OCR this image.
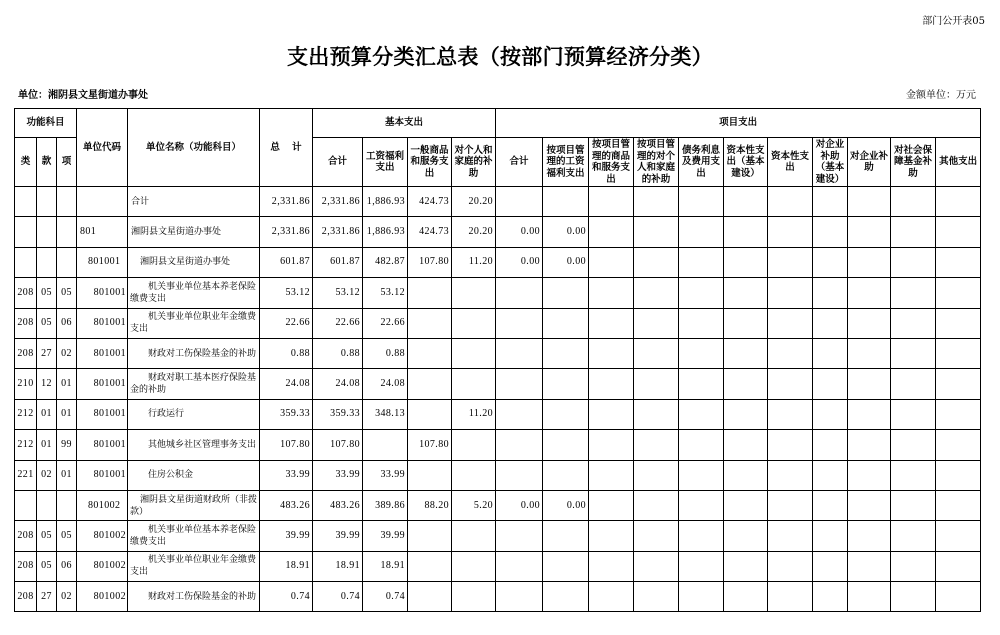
部门公开表05
支出预算分类汇总表（按部门预算经济分类）
单位：湘阴县文星街道办事处	金额单位：万元
功能科目			单位代码	单位名称（功能科目）	总 计	基本支出				项目支出										
类	款	项				合计	工资福利支出	一般商品和服务支出	对个人和家庭的补助	合计	按项目管理的工资福利支出	按项目管理的商品和服务支出	按项目管理的对个人和家庭的补助	债务利息及费用支出	资本性支出（基本建设）	资本性支出	对企业补助（基本建设）	对企业补助	对社会保障基金补助	其他支出
				合计	2,331.86	2,331.86	1,886.93	424.73	20.20											
			801	湘阴县文星街道办事处	2,331.86	2,331.86	1,886.93	424.73	20.20	0.00	0.00									
			801001	湘阴县文星街道办事处	601.87	601.87	482.87	107.80	11.20	0.00	0.00									
208	05	05	801001	机关事业单位基本养老保险缴费支出	53.12	53.12	53.12													
208	05	06	801001	机关事业单位职业年金缴费支出	22.66	22.66	22.66													
208	27	02	801001	财政对工伤保险基金的补助	0.88	0.88	0.88													
210	12	01	801001	财政对职工基本医疗保险基金的补助	24.08	24.08	24.08													
212	01	01	801001	行政运行	359.33	359.33	348.13		11.20											
212	01	99	801001	其他城乡社区管理事务支出	107.80	107.80		107.80												
221	02	01	801001	住房公积金	33.99	33.99	33.99													
			801002	湘阴县文星街道财政所（非拨款）	483.26	483.26	389.86	88.20	5.20	0.00	0.00									
208	05	05	801002	机关事业单位基本养老保险缴费支出	39.99	39.99	39.99													
208	05	06	801002	机关事业单位职业年金缴费支出	18.91	18.91	18.91													
208	27	02	801002	财政对工伤保险基金的补助	0.74	0.74	0.74													
